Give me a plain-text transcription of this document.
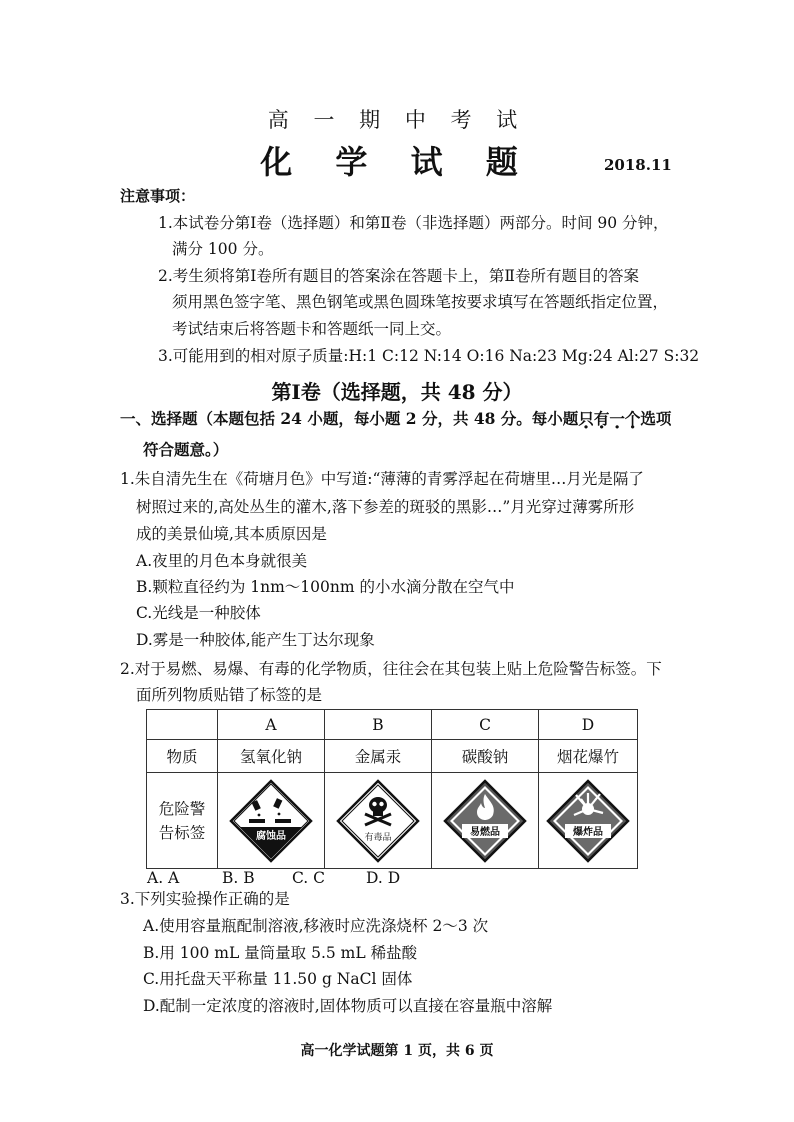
高 一 期 中 考 试
化 学 试 题	2018.11
注意事项：
1.本试卷分第Ⅰ卷（选择题）和第Ⅱ卷（非选择题）两部分。时间 90 分钟，
满分 100 分。
2.考生须将第Ⅰ卷所有题目的答案涂在答题卡上，第Ⅱ卷所有题目的答案
须用黑色签字笔、黑色钢笔或黑色圆珠笔按要求填写在答题纸指定位置，
考试结束后将答题卡和答题纸一同上交。
3.可能用到的相对原子质量:H:1 C:12 N:14 O:16 Na:23 Mg:24 Al:27 S:32
第Ⅰ卷（选择题，共 48 分）
一、选择题（本题包括 24 小题，每小题 2 分，共 48 分。每小题只有一个选项
符合题意。）
1.朱自清先生在《荷塘月色》中写道:“薄薄的青雾浮起在荷塘里…月光是隔了
树照过来的,高处丛生的灌木,落下参差的斑驳的黑影…”月光穿过薄雾所形
成的美景仙境,其本质原因是
A.夜里的月色本身就很美
B.颗粒直径约为 1nm～100nm 的小水滴分散在空气中
C.光线是一种胶体
D.雾是一种胶体,能产生丁达尔现象
2.对于易燃、易爆、有毒的化学物质，往往会在其包装上贴上危险警告标签。下
面所列物质贴错了标签的是
	A	B	C	D
物质	氢氧化钠	金属汞	碳酸钠	烟花爆竹

危险警
告标签	腐蚀品	有毒品	易燃品	爆炸品
A. A	B. B C. C	D. D
3.下列实验操作正确的是
A.使用容量瓶配制溶液,移液时应洗涤烧杯 2～3 次
B.用 100 mL 量筒量取 5.5 mL 稀盐酸
C.用托盘天平称量 11.50 g NaCl 固体
D.配制一定浓度的溶液时,固体物质可以直接在容量瓶中溶解
高一化学试题第 1 页，共 6 页
